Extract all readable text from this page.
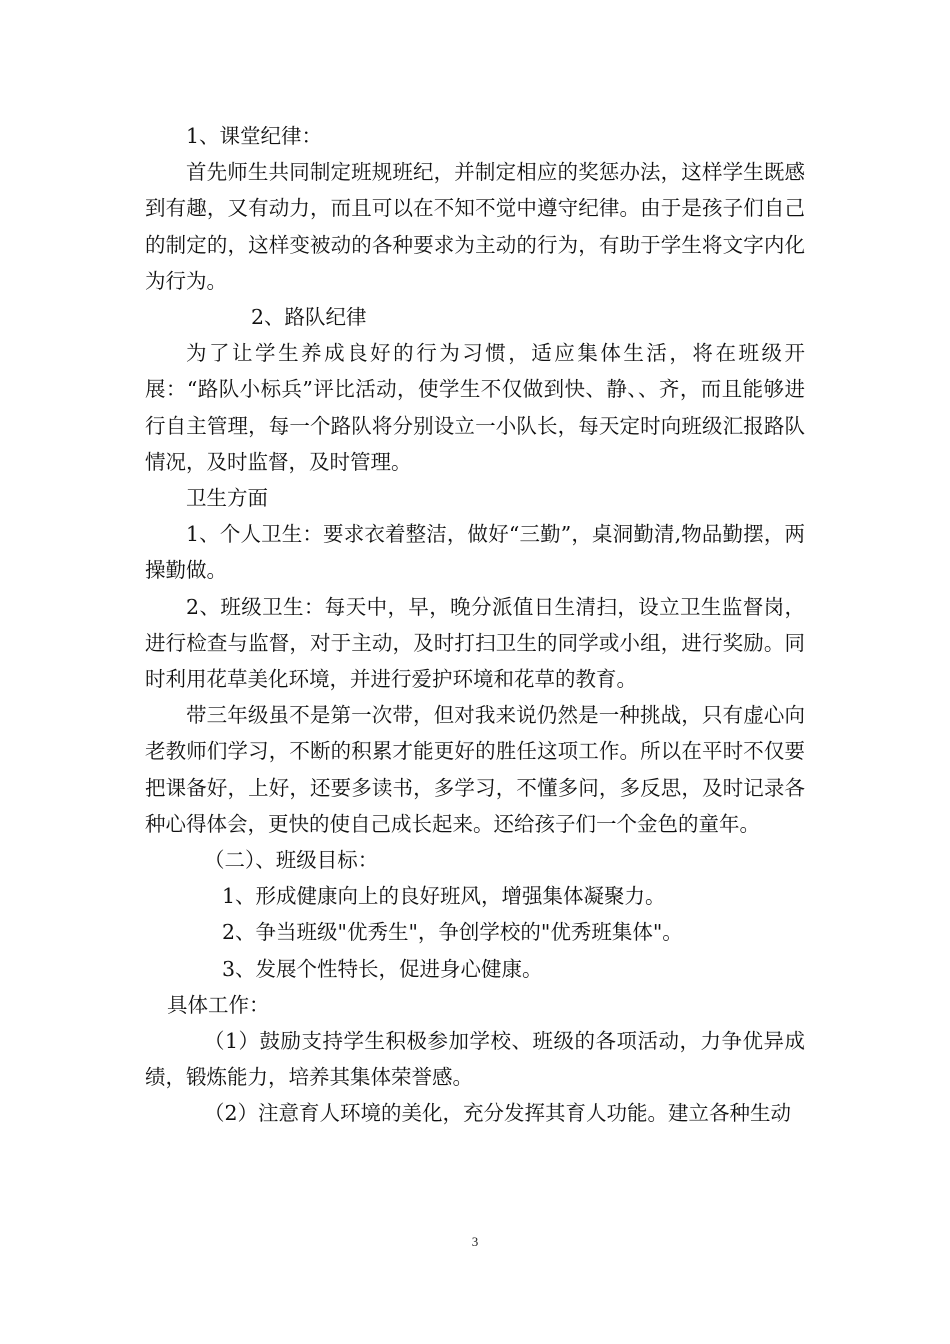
1、课堂纪律：

首先师生共同制定班规班纪，并制定相应的奖惩办法，这样学生既感到有趣，又有动力，而且可以在不知不觉中遵守纪律。由于是孩子们自己的制定的，这样变被动的各种要求为主动的行为，有助于学生将文字内化为行为。

2、路队纪律

为了让学生养成良好的行为习惯，适应集体生活，将在班级开展：“路队小标兵”评比活动，使学生不仅做到快、静、、齐，而且能够进行自主管理，每一个路队将分别设立一小队长，每天定时向班级汇报路队情况，及时监督，及时管理。

卫生方面

1、个人卫生：要求衣着整洁，做好“三勤”，桌洞勤清,物品勤摆，两操勤做。

2、班级卫生：每天中，早，晚分派值日生清扫，设立卫生监督岗，进行检查与监督，对于主动，及时打扫卫生的同学或小组，进行奖励。同时利用花草美化环境，并进行爱护环境和花草的教育。

带三年级虽不是第一次带，但对我来说仍然是一种挑战，只有虚心向老教师们学习，不断的积累才能更好的胜任这项工作。所以在平时不仅要把课备好，上好，还要多读书，多学习，不懂多问，多反思，及时记录各种心得体会，更快的使自己成长起来。还给孩子们一个金色的童年。

（二）、班级目标：

1、形成健康向上的良好班风，增强集体凝聚力。

2、争当班级"优秀生"，争创学校的"优秀班集体"。

3、发展个性特长，促进身心健康。

具体工作：

（1）鼓励支持学生积极参加学校、班级的各项活动，力争优异成绩，锻炼能力，培养其集体荣誉感。

（2）注意育人环境的美化，充分发挥其育人功能。建立各种生动

3
